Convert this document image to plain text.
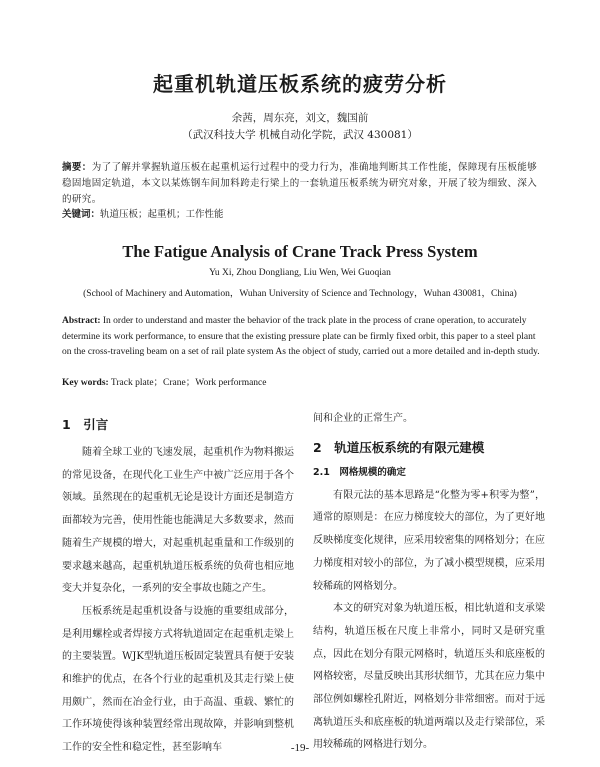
起重机轨道压板系统的疲劳分析
余茜，周东亮，刘文，魏国前
（武汉科技大学 机械自动化学院，武汉 430081）
摘要：为了了解并掌握轨道压板在起重机运行过程中的受力行为，准确地判断其工作性能，保障现有压板能够稳固地固定轨道，本文以某炼钢车间加料跨走行梁上的一套轨道压板系统为研究对象，开展了较为细致、深入的研究。
关键词：轨道压板；起重机；工作性能
The Fatigue Analysis of Crane Track Press System
Yu Xi, Zhou Dongliang, Liu Wen, Wei Guoqian
(School of Machinery and Automation，Wuhan University of Science and Technology，Wuhan 430081，China)
Abstract: In order to understand and master the behavior of the track plate in the process of crane operation, to accurately determine its work performance, to ensure that the existing pressure plate can be firmly fixed orbit, this paper to a steel plant on the cross-traveling beam on a set of rail plate system As the object of study, carried out a more detailed and in-depth study.
Key words: Track plate；Crane；Work performance
1　引言

随着全球工业的飞速发展，起重机作为物料搬运的常见设备，在现代化工业生产中被广泛应用于各个领域。虽然现在的起重机无论是设计方面还是制造方面都较为完善，使用性能也能满足大多数要求，然而随着生产规模的增大，对起重机起重量和工作级别的要求越来越高，起重机轨道压板系统的负荷也相应地变大并复杂化，一系列的安全事故也随之产生。

压板系统是起重机设备与设施的重要组成部分，是利用螺栓或者焊接方式将轨道固定在起重机走梁上的主要装置。WJK型轨道压板固定装置具有便于安装和维护的优点，在各个行业的起重机及其走行梁上使用颇广，然而在冶金行业，由于高温、重载、繁忙的工作环境使得该种装置经常出现故障，并影响到整机工作的安全性和稳定性，甚至影响车

间和企业的正常生产。

2　轨道压板系统的有限元建模
2.1　网格规模的确定

有限元法的基本思路是“化整为零+积零为整”，通常的原则是：在应力梯度较大的部位，为了更好地反映梯度变化规律，应采用较密集的网格划分；在应力梯度相对较小的部位，为了减小模型规模，应采用较稀疏的网格划分。

本文的研究对象为轨道压板，相比轨道和支承梁结构，轨道压板在尺度上非常小，同时又是研究重点，因此在划分有限元网格时，轨道压头和底座板的网格较密，尽量反映出其形状细节，尤其在应力集中部位例如螺栓孔附近，网格划分非常细密。而对于远离轨道压头和底座板的轨道两端以及走行梁部位，采用较稀疏的网格进行划分。

-19-
